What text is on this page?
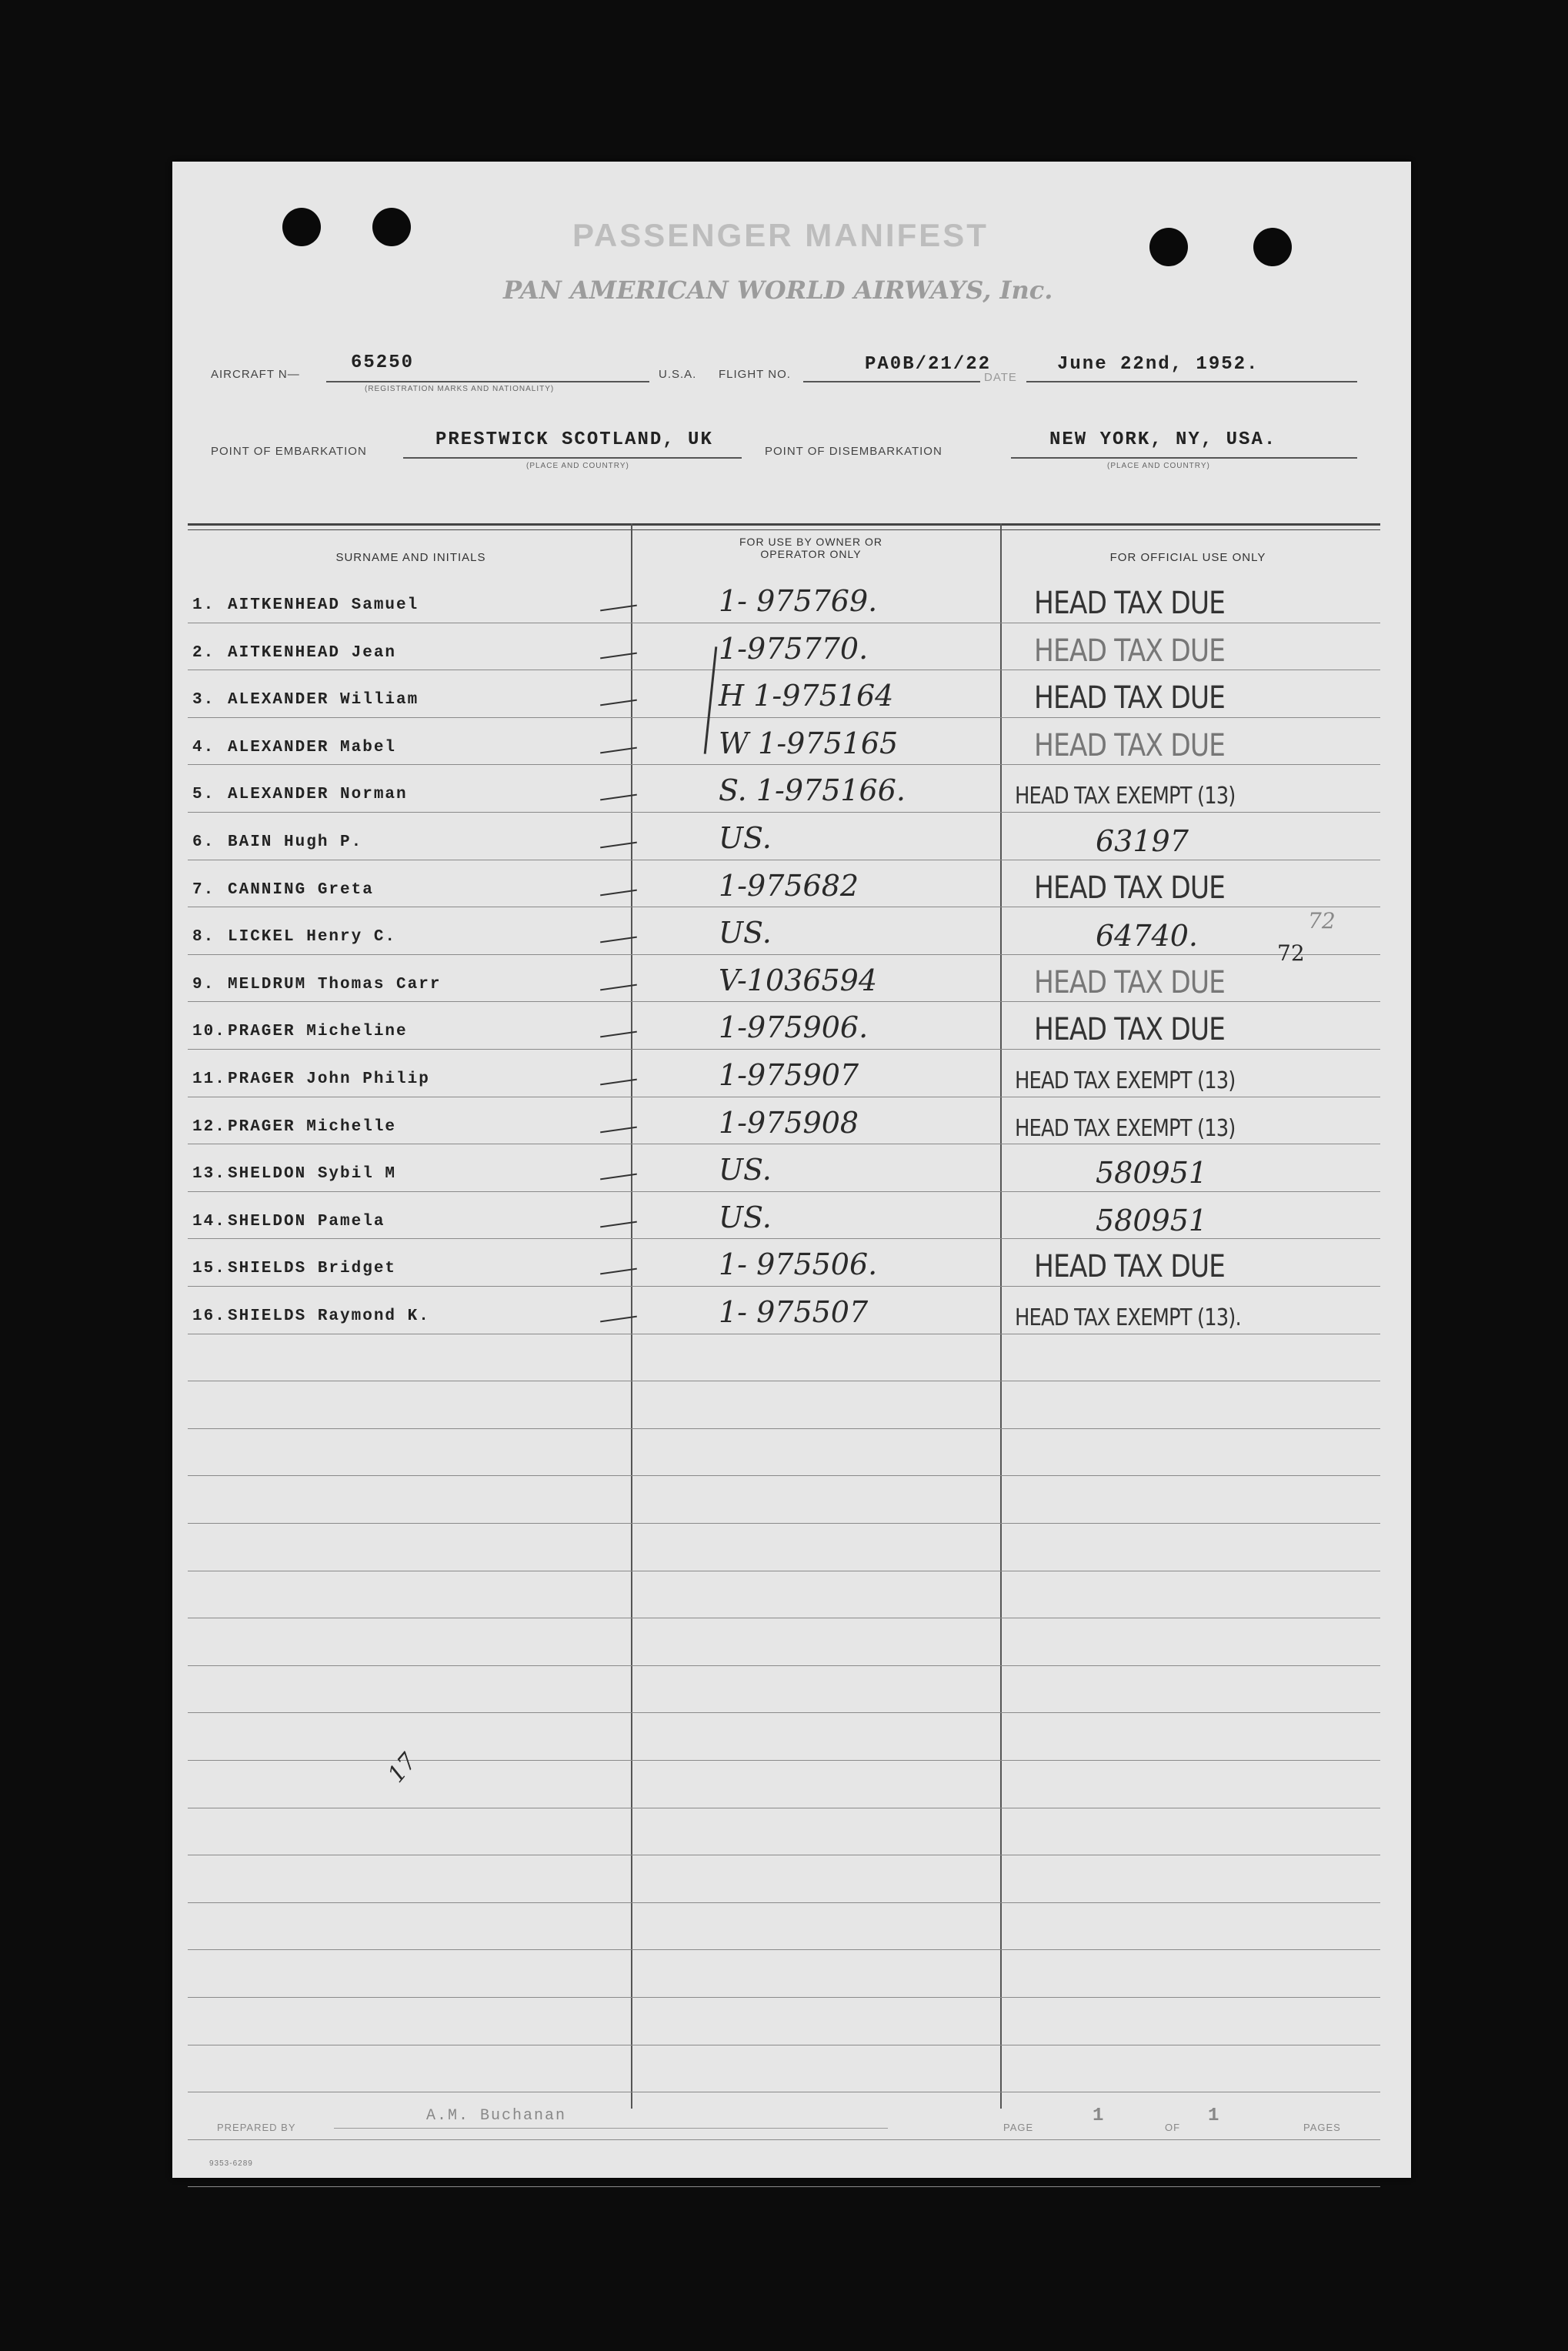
PASSENGER MANIFEST
PAN AMERICAN WORLD AIRWAYS, Inc.
AIRCRAFT N—
65250
(REGISTRATION MARKS AND NATIONALITY)
U.S.A. FLIGHT NO.	PA0B/21/22
DATE
June 22nd, 1952.
POINT OF EMBARKATION
PRESTWICK SCOTLAND, UK
(PLACE AND COUNTRY)
POINT OF DISEMBARKATION
NEW YORK, NY, USA.
(PLACE AND COUNTRY)
SURNAME AND INITIALS
FOR USE BY OWNER OR OPERATOR ONLY	FOR OFFICIAL USE ONLY
1. AITKENHEAD Samuel	1- 975769.	HEAD TAX DUE
2. AITKENHEAD Jean	1-975770.	HEAD TAX DUE
3. ALEXANDER William	H 1-975164	HEAD TAX DUE
4. ALEXANDER Mabel	W 1-975165	HEAD TAX DUE
5. ALEXANDER Norman	S. 1-975166.	HEAD TAX EXEMPT (13)
6. BAIN Hugh P.	US.	63197
7. CANNING Greta	1-975682	HEAD TAX DUE
8. LICKEL Henry C.	US.	64740.
9. MELDRUM Thomas Carr	V-1036594	HEAD TAX DUE
10. PRAGER Micheline	1-975906.	HEAD TAX DUE
11. PRAGER John Philip	1-975907	HEAD TAX EXEMPT (13)
12. PRAGER Michelle	1-975908	HEAD TAX EXEMPT (13)
13. SHELDON Sybil M	US.	580951
14. SHELDON Pamela	US.	580951
15. SHIELDS Bridget	1- 975506.	HEAD TAX DUE
16. SHIELDS Raymond K.	1- 975507	HEAD TAX EXEMPT (13).
72
72
17
PREPARED BY
A.M. Buchanan
PAGE
1
OF
1
PAGES
9353-6289
